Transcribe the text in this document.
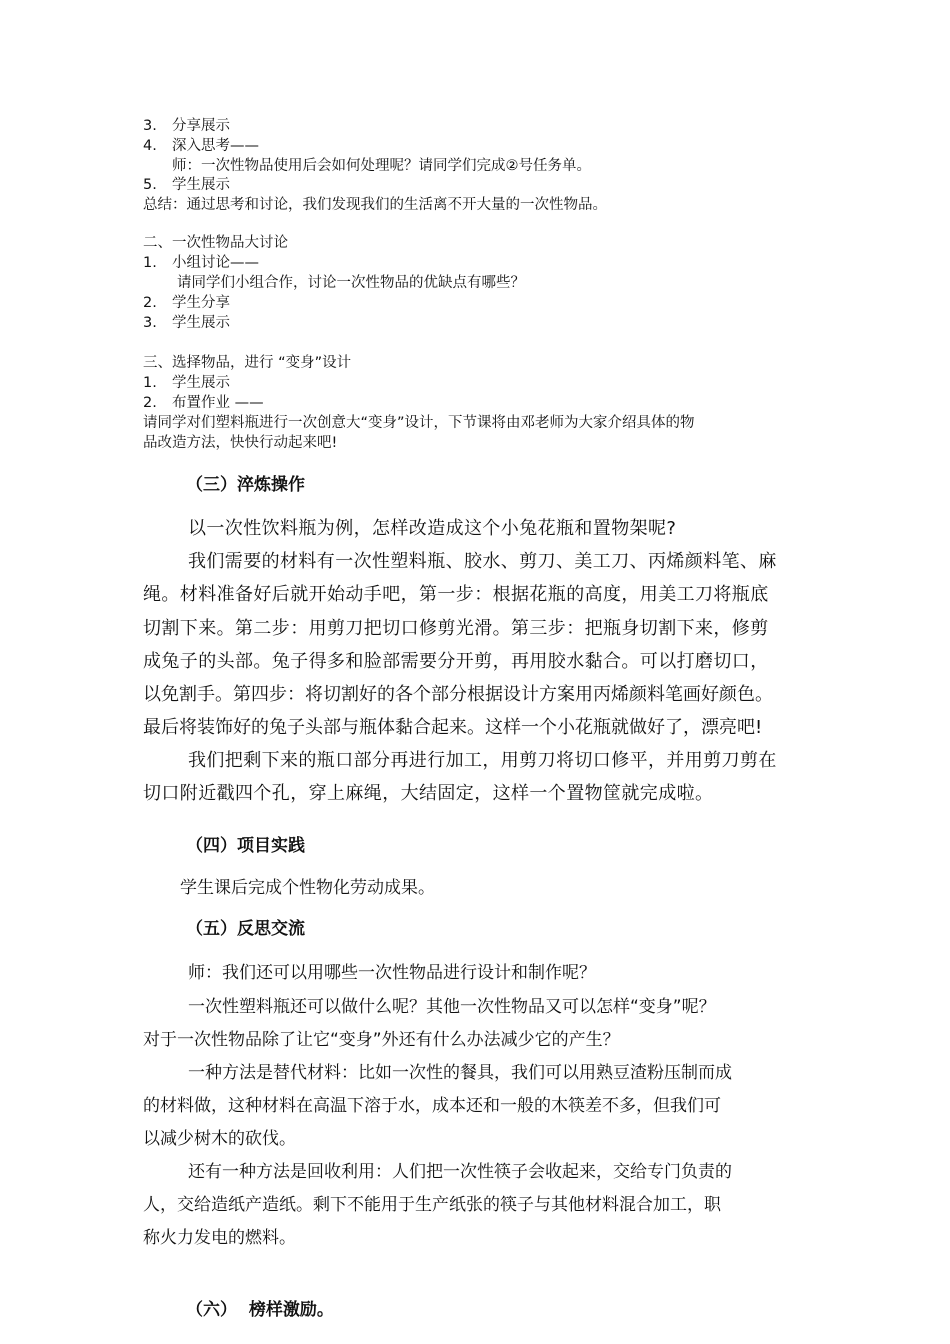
3. 分享展示
4. 深入思考——
师：一次性物品使用后会如何处理呢？请同学们完成②号任务单。
5. 学生展示
总结：通过思考和讨论，我们发现我们的生活离不开大量的一次性物品。
二、一次性物品大讨论
1. 小组讨论——
请同学们小组合作，讨论一次性物品的优缺点有哪些？
2. 学生分享
3. 学生展示
三、选择物品，进行 “变身”设计
1. 学生展示
2. 布置作业 ——
请同学对们塑料瓶进行一次创意大“变身”设计，下节课将由邓老师为大家介绍具体的物
品改造方法，快快行动起来吧!
（三）淬炼操作
以一次性饮料瓶为例，怎样改造成这个小兔花瓶和置物架呢?
我们需要的材料有一次性塑料瓶、胶水、剪刀、美工刀、丙烯颜料笔、麻
绳。材料准备好后就开始动手吧，第一步：根据花瓶的高度，用美工刀将瓶底
切割下来。第二步：用剪刀把切口修剪光滑。第三步：把瓶身切割下来，修剪
成兔子的头部。兔子得多和脸部需要分开剪，再用胶水黏合。可以打磨切口，
以免割手。第四步：将切割好的各个部分根据设计方案用丙烯颜料笔画好颜色。
最后将装饰好的兔子头部与瓶体黏合起来。这样一个小花瓶就做好了，漂亮吧!
我们把剩下来的瓶口部分再进行加工，用剪刀将切口修平，并用剪刀剪在
切口附近戳四个孔，穿上麻绳，大结固定，这样一个置物筐就完成啦。
（四）项目实践
学生课后完成个性物化劳动成果。
（五）反思交流
师：我们还可以用哪些一次性物品进行设计和制作呢？
一次性塑料瓶还可以做什么呢？其他一次性物品又可以怎样“变身”呢？
对于一次性物品除了让它“变身”外还有什么办法减少它的产生？
一种方法是替代材料：比如一次性的餐具，我们可以用熟豆渣粉压制而成
的材料做，这种材料在高温下溶于水，成本还和一般的木筷差不多，但我们可
以减少树木的砍伐。
还有一种方法是回收利用：人们把一次性筷子会收起来，交给专门负责的
人，交给造纸产造纸。剩下不能用于生产纸张的筷子与其他材料混合加工，职
称火力发电的燃料。
（六）  榜样激励。
